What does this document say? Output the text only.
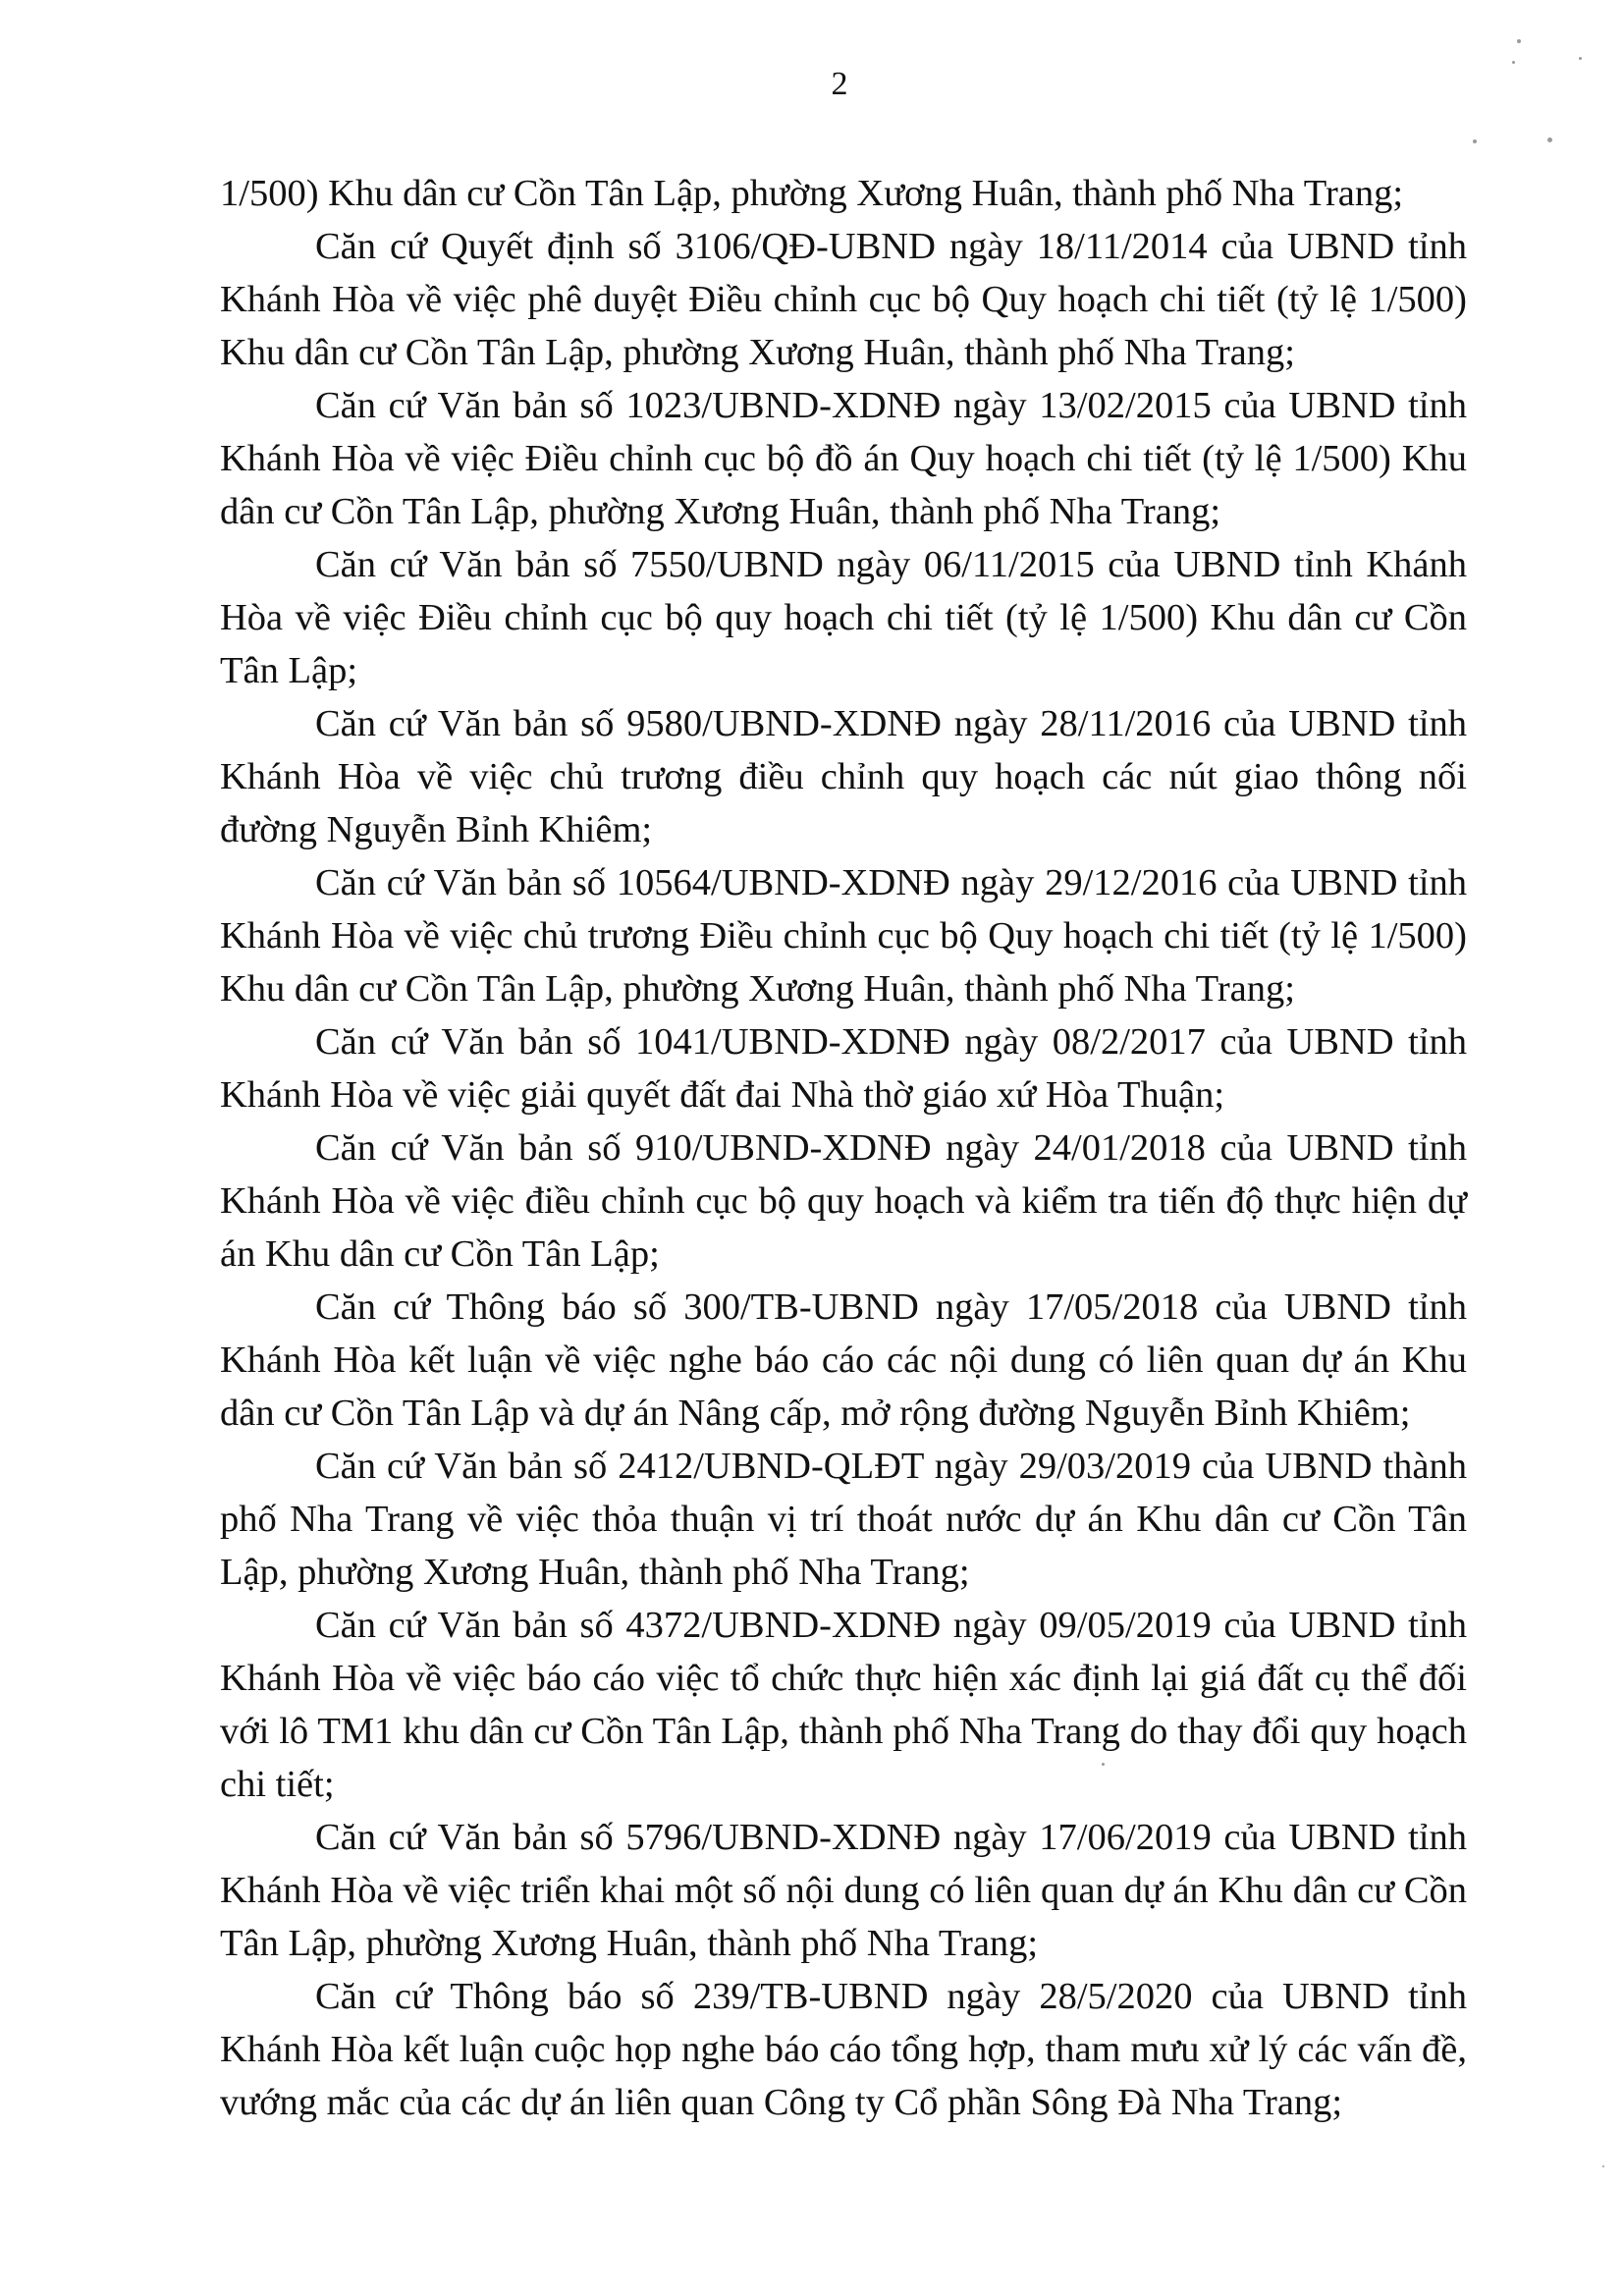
2

1/500) Khu dân cư Cồn Tân Lập, phường Xương Huân, thành phố Nha Trang;

Căn cứ Quyết định số 3106/QĐ-UBND ngày 18/11/2014 của UBND tỉnh Khánh Hòa về việc phê duyệt Điều chỉnh cục bộ Quy hoạch chi tiết (tỷ lệ 1/500) Khu dân cư Cồn Tân Lập, phường Xương Huân, thành phố Nha Trang;

Căn cứ Văn bản số 1023/UBND-XDNĐ ngày 13/02/2015 của UBND tỉnh Khánh Hòa về việc Điều chỉnh cục bộ đồ án Quy hoạch chi tiết (tỷ lệ 1/500) Khu dân cư Cồn Tân Lập, phường Xương Huân, thành phố Nha Trang;

Căn cứ Văn bản số 7550/UBND ngày 06/11/2015 của UBND tỉnh Khánh Hòa về việc Điều chỉnh cục bộ quy hoạch chi tiết (tỷ lệ 1/500) Khu dân cư Cồn Tân Lập;

Căn cứ Văn bản số 9580/UBND-XDNĐ ngày 28/11/2016 của UBND tỉnh Khánh Hòa về việc chủ trương điều chỉnh quy hoạch các nút giao thông nối đường Nguyễn Bỉnh Khiêm;

Căn cứ Văn bản số 10564/UBND-XDNĐ ngày 29/12/2016 của UBND tỉnh Khánh Hòa về việc chủ trương Điều chỉnh cục bộ Quy hoạch chi tiết (tỷ lệ 1/500) Khu dân cư Cồn Tân Lập, phường Xương Huân, thành phố Nha Trang;

Căn cứ Văn bản số 1041/UBND-XDNĐ ngày 08/2/2017 của UBND tỉnh Khánh Hòa về việc giải quyết đất đai Nhà thờ giáo xứ Hòa Thuận;

Căn cứ Văn bản số 910/UBND-XDNĐ ngày 24/01/2018 của UBND tỉnh Khánh Hòa về việc điều chỉnh cục bộ quy hoạch và kiểm tra tiến độ thực hiện dự án Khu dân cư Cồn Tân Lập;

Căn cứ Thông báo số 300/TB-UBND ngày 17/05/2018 của UBND tỉnh Khánh Hòa kết luận về việc nghe báo cáo các nội dung có liên quan dự án Khu dân cư Cồn Tân Lập và dự án Nâng cấp, mở rộng đường Nguyễn Bỉnh Khiêm;

Căn cứ Văn bản số 2412/UBND-QLĐT ngày 29/03/2019 của UBND thành phố Nha Trang về việc thỏa thuận vị trí thoát nước dự án Khu dân cư Cồn Tân Lập, phường Xương Huân, thành phố Nha Trang;

Căn cứ Văn bản số 4372/UBND-XDNĐ ngày 09/05/2019 của UBND tỉnh Khánh Hòa về việc báo cáo việc tổ chức thực hiện xác định lại giá đất cụ thể đối với lô TM1 khu dân cư Cồn Tân Lập, thành phố Nha Trang do thay đổi quy hoạch chi tiết;

Căn cứ Văn bản số 5796/UBND-XDNĐ ngày 17/06/2019 của UBND tỉnh Khánh Hòa về việc triển khai một số nội dung có liên quan dự án Khu dân cư Cồn Tân Lập, phường Xương Huân, thành phố Nha Trang;

Căn cứ Thông báo số 239/TB-UBND ngày 28/5/2020 của UBND tỉnh Khánh Hòa kết luận cuộc họp nghe báo cáo tổng hợp, tham mưu xử lý các vấn đề, vướng mắc của các dự án liên quan Công ty Cổ phần Sông Đà Nha Trang;
